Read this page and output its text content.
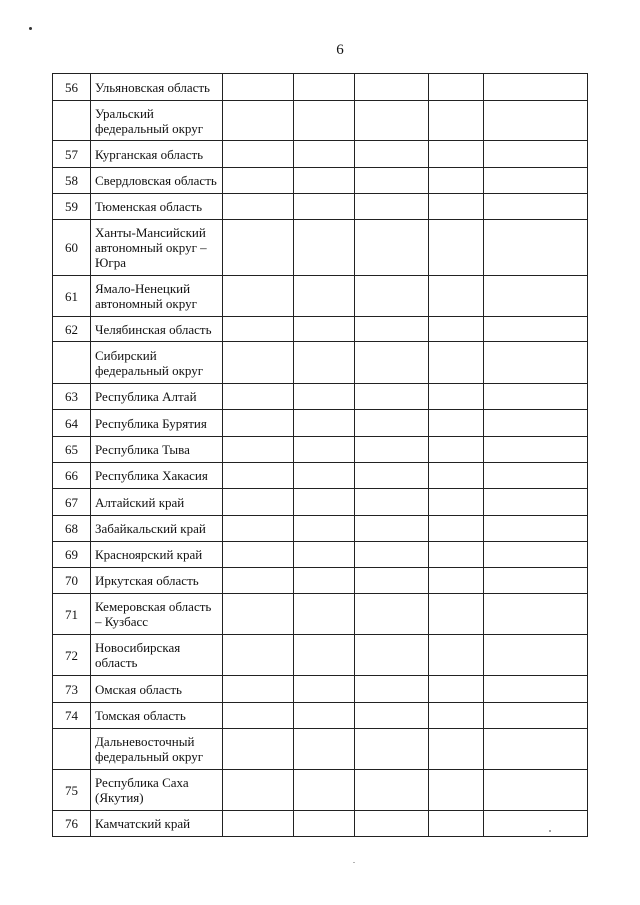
6
56	Ульяновская область					
	Уральский федеральный округ					
57	Курганская область					
58	Свердловская область					
59	Тюменская область					
60	Ханты-Мансийский автономный округ – Югра					
61	Ямало-Ненецкий автономный округ					
62	Челябинская область					
	Сибирский федеральный округ					
63	Республика Алтай					
64	Республика Бурятия					
65	Республика Тыва					
66	Республика Хакасия					
67	Алтайский край					
68	Забайкальский край					
69	Красноярский край					
70	Иркутская область					
71	Кемеровская область – Кузбасс					
72	Новосибирская область					
73	Омская область					
74	Томская область					
	Дальневосточный федеральный округ					
75	Республика Саха (Якутия)					
76	Камчатский край					
